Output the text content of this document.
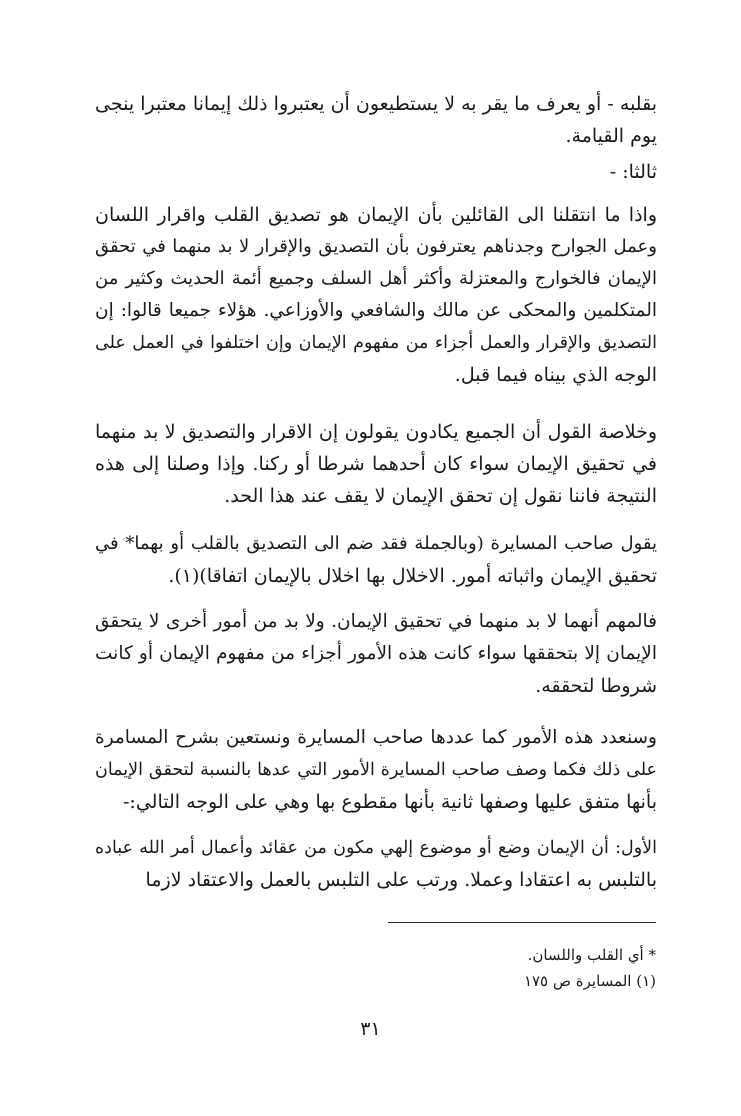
بقلبه - أو يعرف ما يقر به لا يستطيعون أن يعتبروا ذلك إيمانا معتبرا ينجى
يوم القيامة.
ثالثا: -
واذا ما انتقلنا الى القائلين بأن الإيمان هو تصديق القلب واقرار اللسان
وعمل الجوارح وجدناهم يعترفون بأن التصديق والإقرار لا بد منهما في تحقق
الإيمان فالخوارج والمعتزلة وأكثر أهل السلف وجميع أئمة الحديث وكثير من
المتكلمين والمحكى عن مالك والشافعي والأوزاعي. هؤلاء جميعا قالوا: إن
التصديق والإقرار والعمل أجزاء من مفهوم الإيمان وإن اختلفوا في العمل على
الوجه الذي بيناه فيما قبل.
وخلاصة القول أن الجميع يكادون يقولون إن الاقرار والتصديق لا بد منهما
في تحقيق الإيمان سواء كان أحدهما شرطا أو ركنا. وإذا وصلنا إلى هذه
النتيجة فاننا نقول إن تحقق الإيمان لا يقف عند هذا الحد.
يقول صاحب المسايرة (وبالجملة فقد ضم الى التصديق بالقلب أو بهما* في
تحقيق الإيمان واثباته أمور. الاخلال بها اخلال بالإيمان اتفاقا)(١).
فالمهم أنهما لا بد منهما في تحقيق الإيمان. ولا بد من أمور أخرى لا يتحقق
الإيمان إلا بتحققها سواء كانت هذه الأمور أجزاء من مفهوم الإيمان أو كانت
شروطا لتحققه.
وسنعدد هذه الأمور كما عددها صاحب المسايرة ونستعين بشرح المسامرة
على ذلك فكما وصف صاحب المسايرة الأمور التي عدها بالنسبة لتحقق الإيمان
بأنها متفق عليها وصفها ثانية بأنها مقطوع بها وهي على الوجه التالي:-
الأول: أن الإيمان وضع أو موضوع إلهي مكون من عقائد وأعمال أمر الله عباده
بالتلبس به اعتقادا وعملا. ورتب على التلبس بالعمل والاعتقاد لازما
* أي القلب واللسان.
(١) المسايرة ص ١٧٥
٣١
